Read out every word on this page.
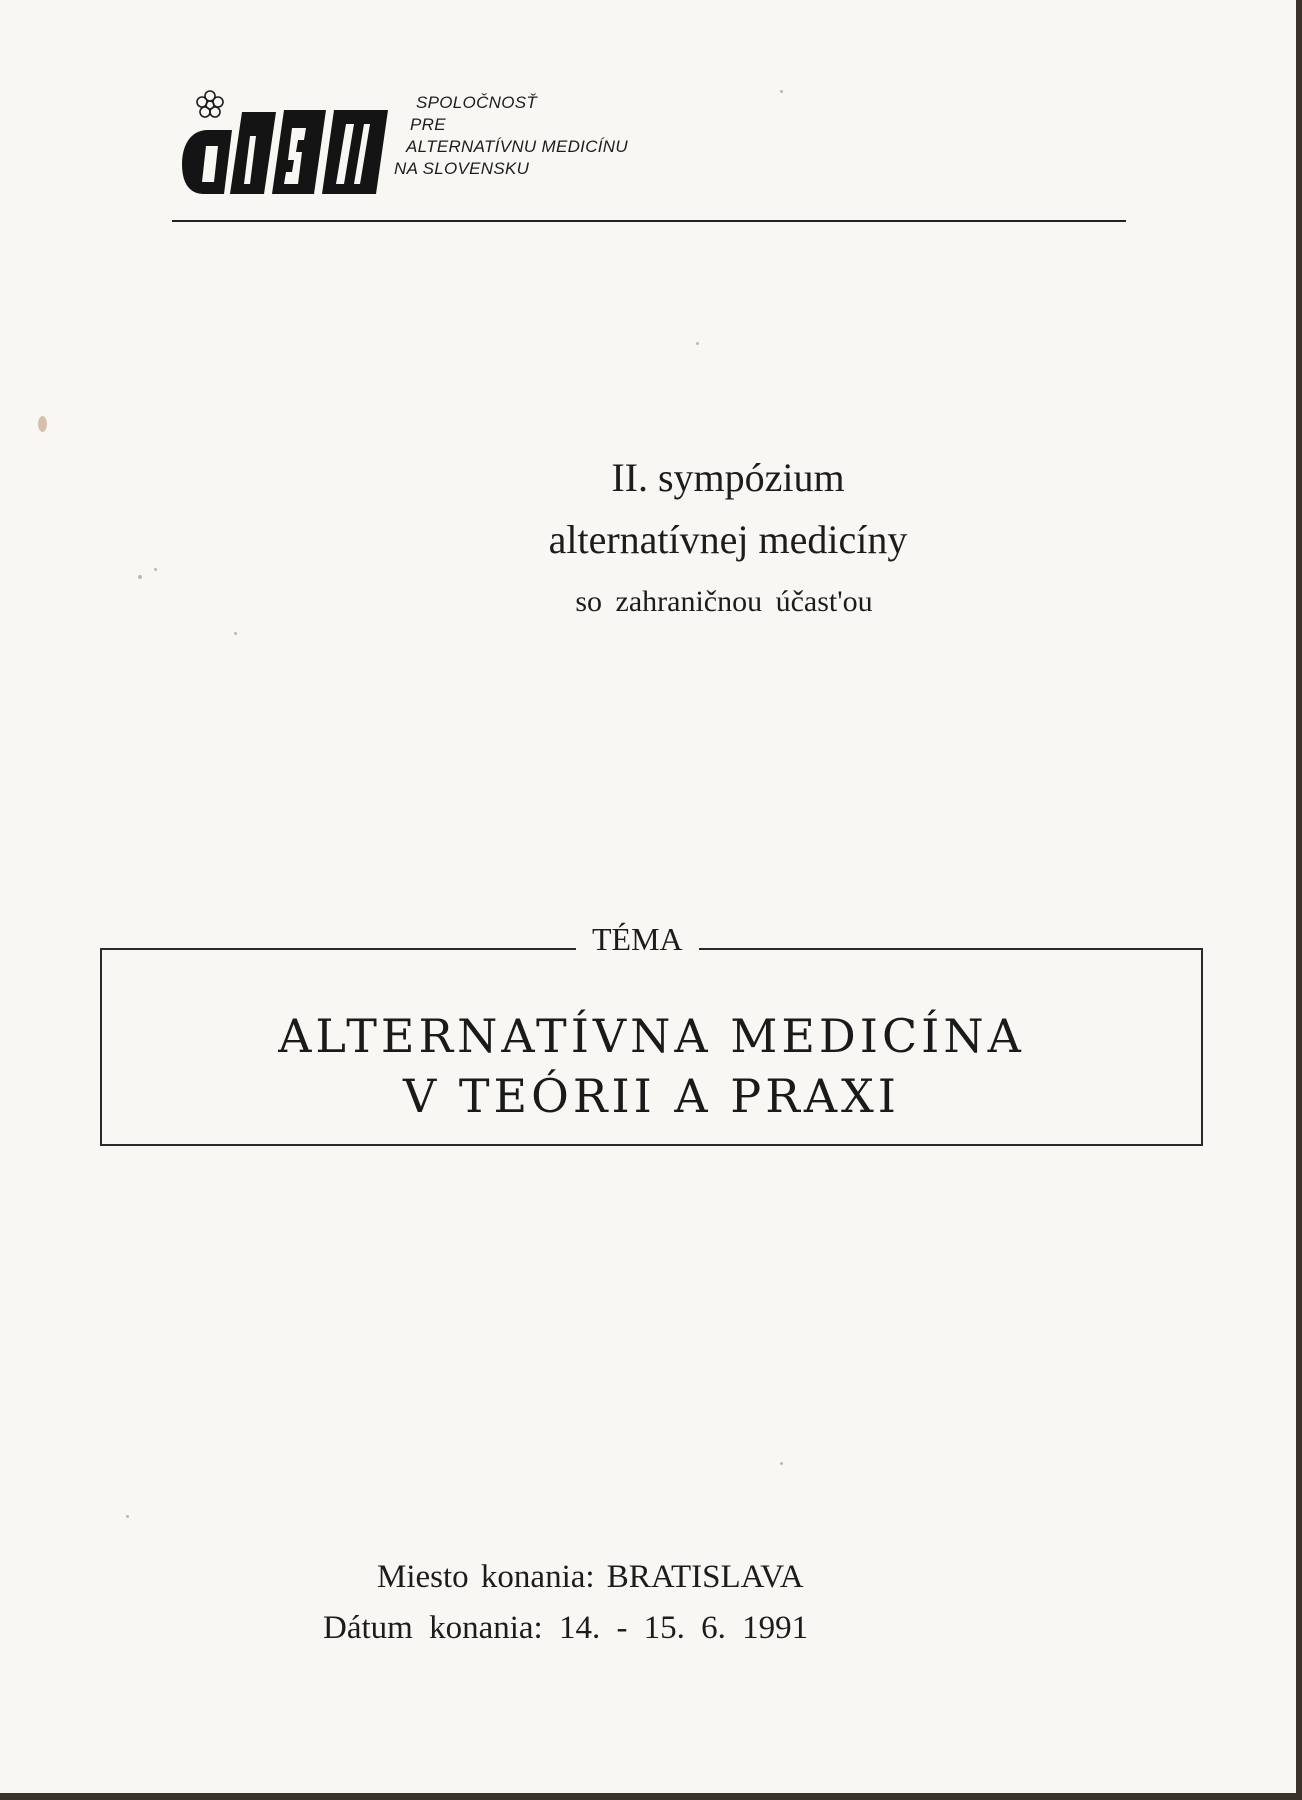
SPOLOČNOSŤ
PRE
ALTERNATÍVNU MEDICÍNU
NA SLOVENSKU
II. sympózium
alternatívnej medicíny
so zahraničnou účast'ou
TÉMA
ALTERNATÍVNA MEDICÍNA
V TEÓRII A PRAXI
Miesto konania: BRATISLAVA
Dátum konania: 14. - 15. 6. 1991
